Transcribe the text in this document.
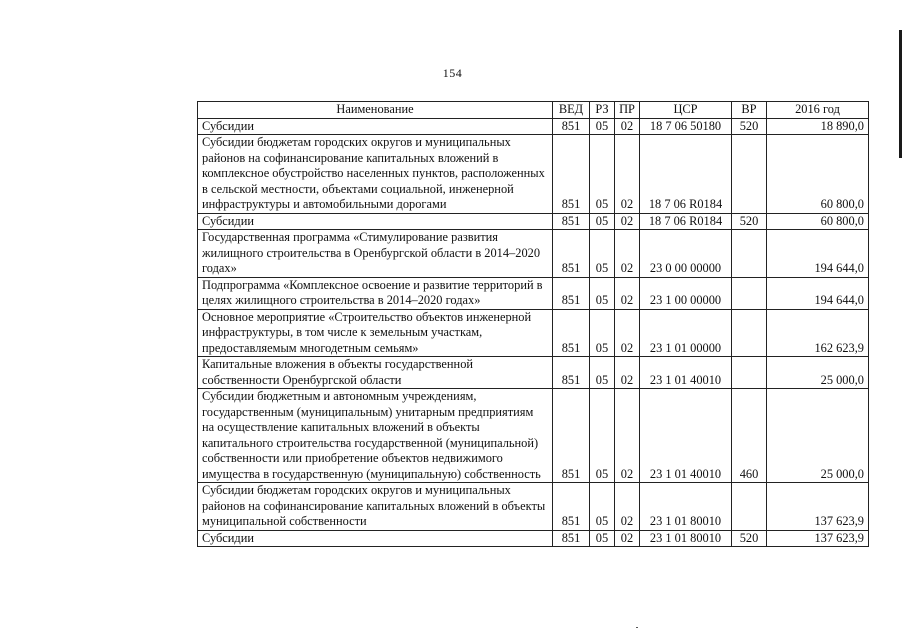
154
Наименование	ВЕД	РЗ	ПР	ЦСР	ВР	2016 год
Субсидии	851	05	02	18 7 06 50180	520	18 890,0
Субсидии бюджетам городских округов и муниципальных районов на софинансирование капитальных вложений в комплексное обустройство населенных пунктов, расположенных в сельской местности, объектами социальной, инженерной инфраструктуры и автомобильными дорогами	851	05	02	18 7 06 R0184		60 800,0
Субсидии	851	05	02	18 7 06 R0184	520	60 800,0
Государственная программа «Стимулирование развития жилищного строительства в Оренбургской области в 2014–2020 годах»	851	05	02	23 0 00 00000		194 644,0
Подпрограмма «Комплексное освоение и развитие территорий в целях жилищного строительства в 2014–2020 годах»	851	05	02	23 1 00 00000		194 644,0
Основное мероприятие «Строительство объектов инженерной инфраструктуры, в том числе к земельным участкам, предоставляемым многодетным семьям»	851	05	02	23 1 01 00000		162 623,9
Капитальные вложения в объекты государственной собственности Оренбургской области	851	05	02	23 1 01 40010		25 000,0
Субсидии бюджетным и автономным учреждениям, государственным (муниципальным) унитарным предприятиям на осуществление капитальных вложений в объекты капитального строительства государственной (муниципальной) собственности или приобретение объектов недвижимого имущества в государственную (муниципальную) собственность	851	05	02	23 1 01 40010	460	25 000,0
Субсидии бюджетам городских округов и муниципальных районов на софинансирование капитальных вложений в объекты муниципальной собственности	851	05	02	23 1 01 80010		137 623,9
Субсидии	851	05	02	23 1 01 80010	520	137 623,9
